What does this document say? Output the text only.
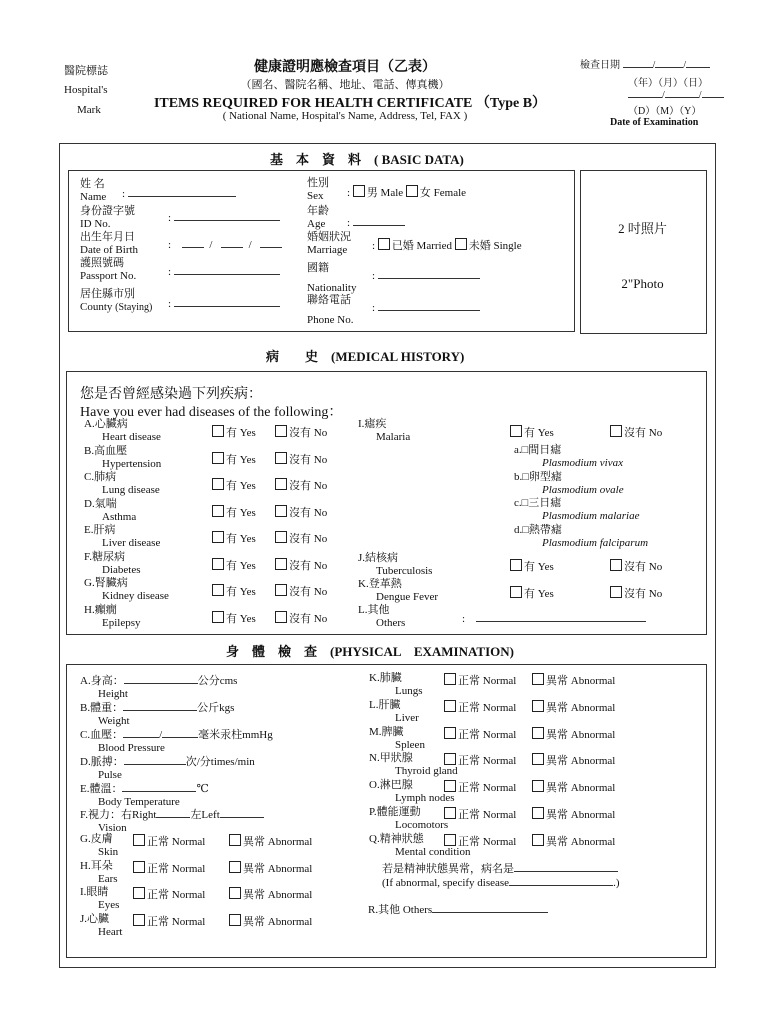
醫院標誌
Hospital's
Mark
健康證明應檢查項目（乙表）
（國名、醫院名稱、地址、電話、傳真機）
ITEMS REQUIRED FOR HEALTH CERTIFICATE （Type B）
( National Name, Hospital's Name, Address, Tel, FAX )
檢查日期	/	/
（年）（月）（日）
/	/
（D）（M）（Y）
Date of Examination
基　本　資　料　 ( BASIC DATA)
2 吋照片
2"Photo
姓 名
Name :
身份證字號
ID No.	:
出生年月日
Date of Birth	:	/	/
護照號碼
Passport No.	:
居住縣市別
County (Staying) :
性別
Sex	: 男 Male 女 Female
年齡
Age	:
婚姻狀況
Marriage	: 已婚 Married 未婚 Single
國籍
Nationality
:
聯絡電話
Phone No.
:
病　　史　 (MEDICAL HISTORY)
您是否曾經感染過下列疾病：
Have you ever had diseases of the following：
A.心臟病
Heart disease	有 Yes	沒有 No
B.高血壓
Hypertension	有 Yes	沒有 No
C.肺病
Lung disease	有 Yes	沒有 No
D.氣喘
Asthma	有 Yes	沒有 No
E.肝病
Liver disease	有 Yes	沒有 No
F.糖尿病
Diabetes	有 Yes	沒有 No
G.腎臟病
Kidney disease	有 Yes	沒有 No
H.癲癇
Epilepsy	有 Yes	沒有 No
I.瘧疾
Malaria	有 Yes	沒有 No
a.□間日瘧
Plasmodium vivax
b.□卵型瘧
Plasmodium ovale
c.□三日瘧
Plasmodium malariae
d.□熱帶瘧
Plasmodium falciparum
J.結核病
Tuberculosis	有 Yes	沒有 No
K.登革熱
Dengue Fever	有 Yes	沒有 No
L.其他
Others	:
身　體　檢　查　 (PHYSICAL　EXAMINATION)
A.身高：	公分cms
Height
B.體重：	公斤kgs
Weight
C.血壓：	/	毫米汞柱mmHg
Blood Pressure
D.脈搏：	次/分times/min
Pulse
E.體溫：	℃
Body Temperature
F.視力：右Right	左Left
Vision
G.皮膚
Skin
正常 Normal	異常 Abnormal
H.耳朵
Ears
正常 Normal	異常 Abnormal
I.眼睛
Eyes
正常 Normal	異常 Abnormal
J.心臟
Heart
正常 Normal	異常 Abnormal
K.肺臟
Lungs
正常 Normal	異常 Abnormal
L.肝臟
Liver
正常 Normal	異常 Abnormal
M.脾臟
Spleen
正常 Normal	異常 Abnormal
N.甲狀腺
Thyroid gland
正常 Normal	異常 Abnormal
O.淋巴腺
Lymph nodes
正常 Normal	異常 Abnormal
P.體能運動
Locomotors
正常 Normal	異常 Abnormal
Q.精神狀態
Mental condition
正常 Normal	異常 Abnormal
若是精神狀態異常，病名是
(If abnormal, specify disease	.)
R.其他 Others
